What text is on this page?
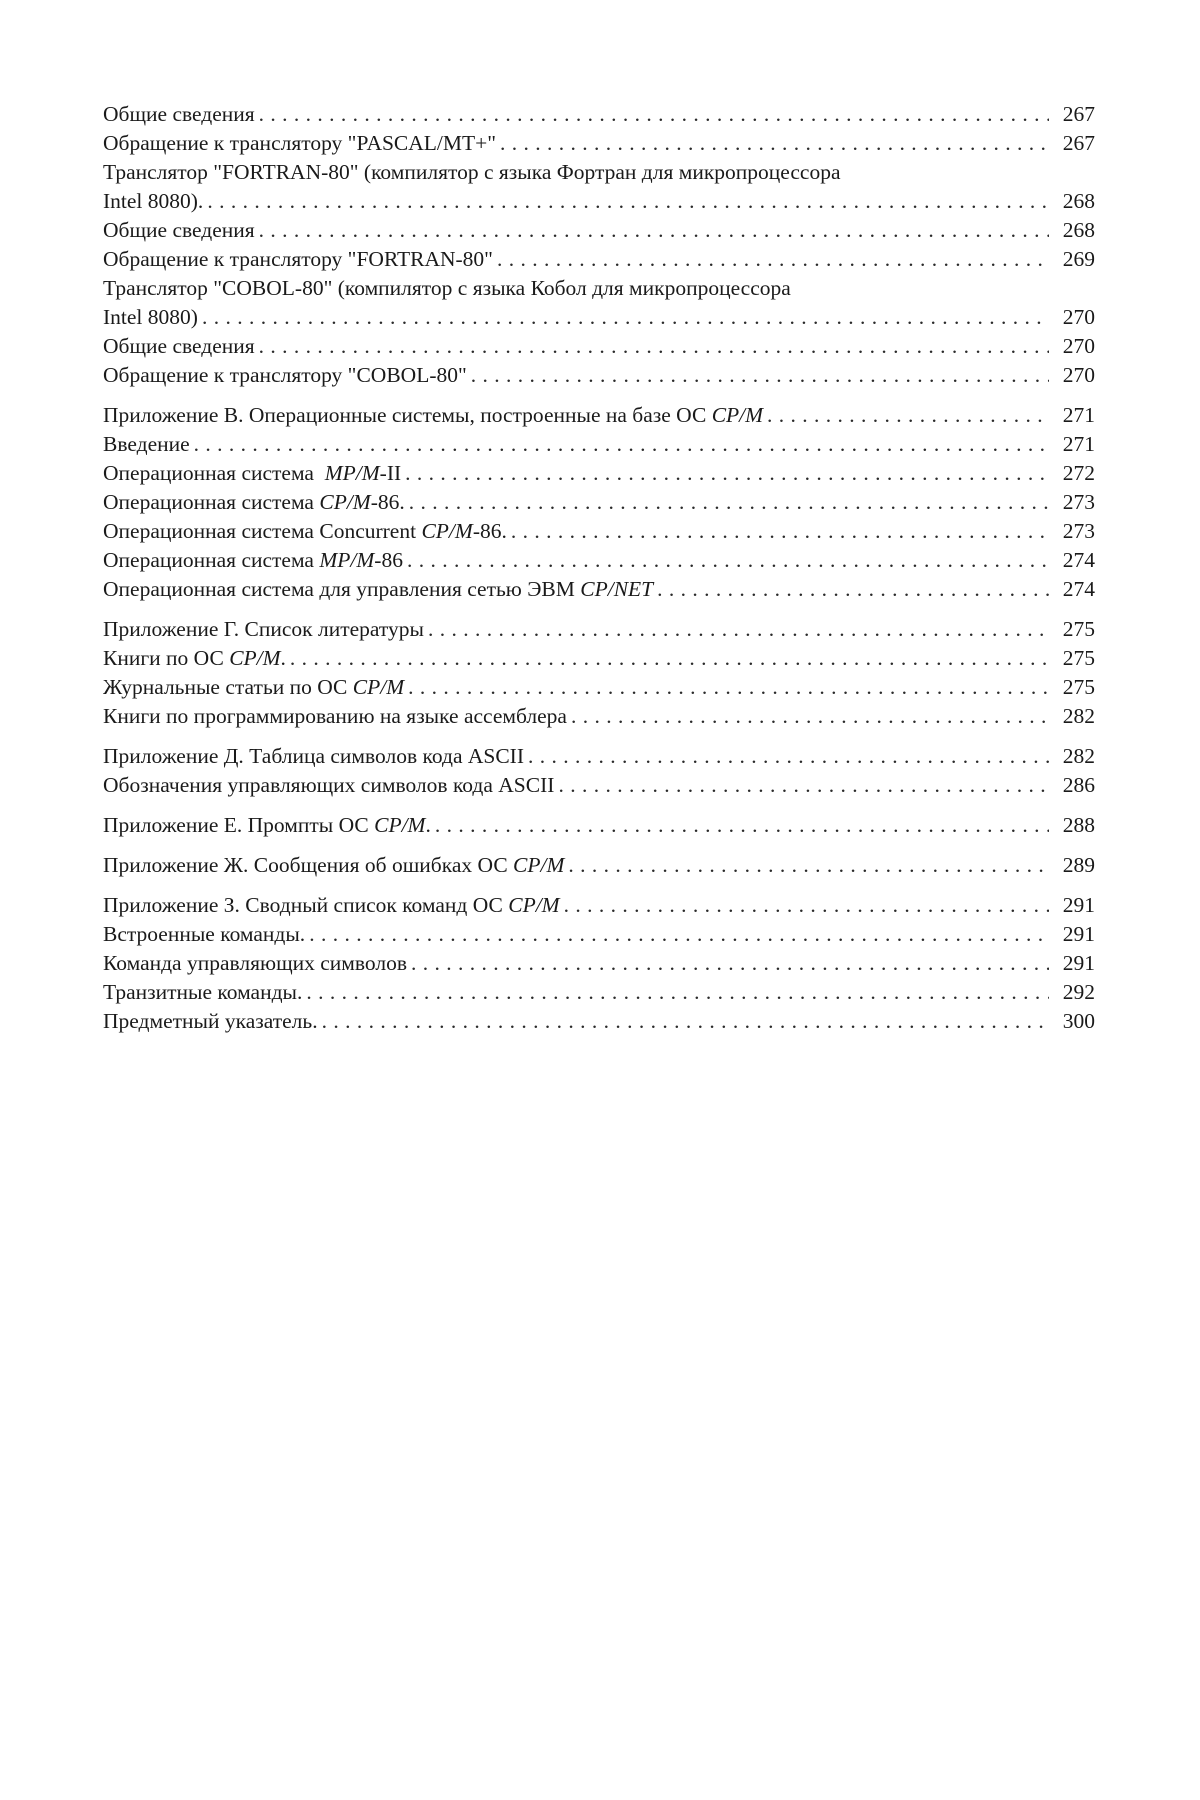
Общие сведения . . .	267
Обращение к транслятору "PASCAL/MT+" . . .	267
Транслятор "FORTRAN-80" (компилятор с языка Фортран для микропроцессора
Intel 8080). . . .	268
Общие сведения . . .	268
Обращение к транслятору "FORTRAN-80" . . .	269
Транслятор "COBOL-80" (компилятор с языка Кобол для микропроцессора
Intel 8080) . . .	270
Общие сведения . . .	270
Обращение к транслятору "COBOL-80" . . .	270
Приложение В. Операционные системы, построенные на базе ОС CP/M . . .	271
Введение . . .	271
Операционная система  MP/M-II . . .	272
Операционная система CP/M-86. . . .	273
Операционная система Concurrent CP/M-86. . . .	273
Операционная система MP/M-86 . . .	274
Операционная система для управления сетью ЭВМ CP/NET . . .	274
Приложение Г. Список литературы . . .	275
Книги по ОС CP/M. . . .	275
Журнальные статьи по ОС CP/M . . .	275
Книги по программированию на языке ассемблера . . .	282
Приложение Д. Таблица символов кода ASCII . . .	282
Обозначения управляющих символов кода ASCII . . .	286
Приложение Е. Промпты ОС CP/M. . . .	288
Приложение Ж. Сообщения об ошибках ОС CP/M . . .	289
Приложение З. Сводный список команд ОС CP/M . . .	291
Встроенные команды. . . .	291
Команда управляющих символов . . .	291
Транзитные команды. . . .	292
Предметный указатель. . . .	300
